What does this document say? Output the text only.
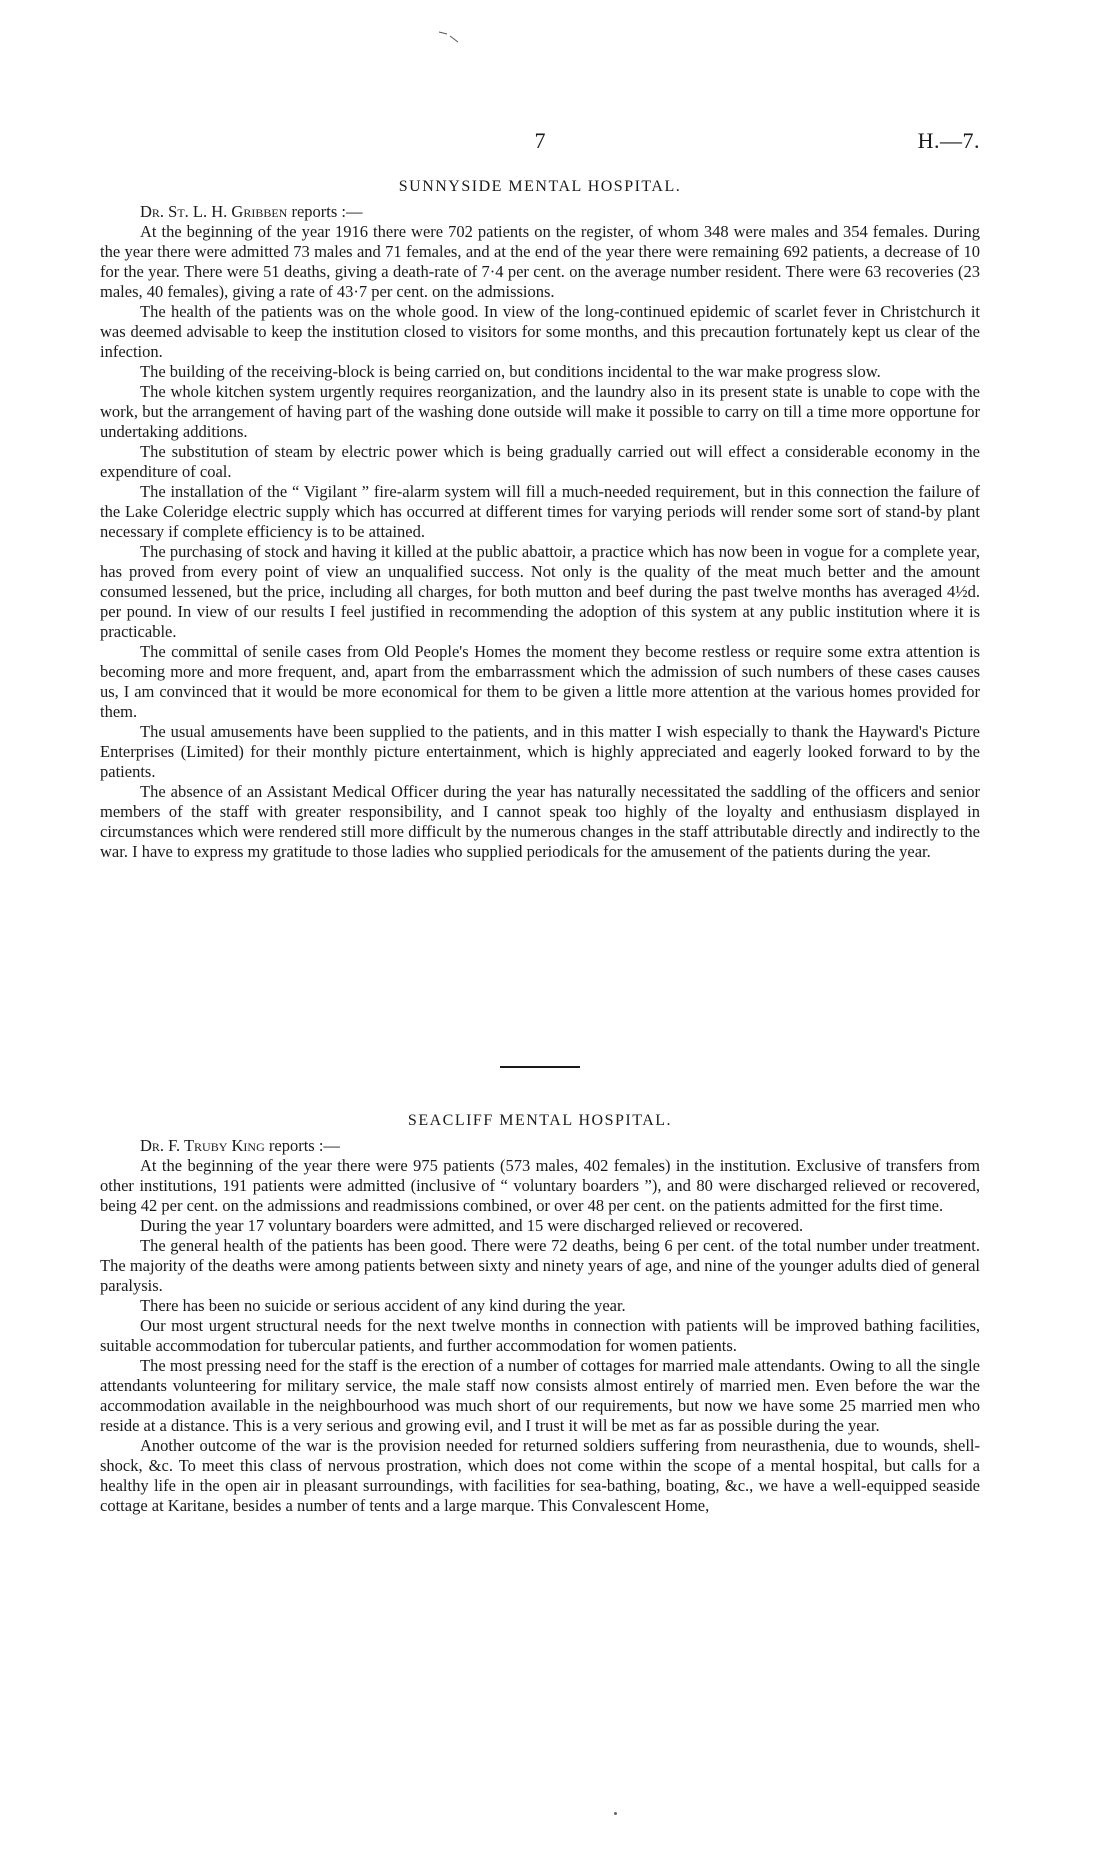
7	H.—7.
SUNNYSIDE MENTAL HOSPITAL.

Dr. St. L. H. Gribben reports :—

At the beginning of the year 1916 there were 702 patients on the register, of whom 348 were males and 354 females. During the year there were admitted 73 males and 71 females, and at the end of the year there were remaining 692 patients, a decrease of 10 for the year. There were 51 deaths, giving a death-rate of 7·4 per cent. on the average number resident. There were 63 recoveries (23 males, 40 females), giving a rate of 43·7 per cent. on the admissions.

The health of the patients was on the whole good. In view of the long-continued epidemic of scarlet fever in Christchurch it was deemed advisable to keep the institution closed to visitors for some months, and this precaution fortunately kept us clear of the infection.

The building of the receiving-block is being carried on, but conditions incidental to the war make progress slow.

The whole kitchen system urgently requires reorganization, and the laundry also in its present state is unable to cope with the work, but the arrangement of having part of the washing done outside will make it possible to carry on till a time more opportune for undertaking additions.

The substitution of steam by electric power which is being gradually carried out will effect a considerable economy in the expenditure of coal.

The installation of the “ Vigilant ” fire-alarm system will fill a much-needed requirement, but in this connection the failure of the Lake Coleridge electric supply which has occurred at different times for varying periods will render some sort of stand-by plant necessary if complete efficiency is to be attained.

The purchasing of stock and having it killed at the public abattoir, a practice which has now been in vogue for a complete year, has proved from every point of view an unqualified success. Not only is the quality of the meat much better and the amount consumed lessened, but the price, including all charges, for both mutton and beef during the past twelve months has averaged 4½d. per pound. In view of our results I feel justified in recommending the adoption of this system at any public institution where it is practicable.

The committal of senile cases from Old People's Homes the moment they become restless or require some extra attention is becoming more and more frequent, and, apart from the embarrassment which the admission of such numbers of these cases causes us, I am convinced that it would be more economical for them to be given a little more attention at the various homes provided for them.

The usual amusements have been supplied to the patients, and in this matter I wish especially to thank the Hayward's Picture Enterprises (Limited) for their monthly picture entertainment, which is highly appreciated and eagerly looked forward to by the patients.

The absence of an Assistant Medical Officer during the year has naturally necessitated the saddling of the officers and senior members of the staff with greater responsibility, and I cannot speak too highly of the loyalty and enthusiasm displayed in circumstances which were rendered still more difficult by the numerous changes in the staff attributable directly and indirectly to the war. I have to express my gratitude to those ladies who supplied periodicals for the amusement of the patients during the year.

SEACLIFF MENTAL HOSPITAL.

Dr. F. Truby King reports :—

At the beginning of the year there were 975 patients (573 males, 402 females) in the institution. Exclusive of transfers from other institutions, 191 patients were admitted (inclusive of “ voluntary boarders ”), and 80 were discharged relieved or recovered, being 42 per cent. on the admissions and readmissions combined, or over 48 per cent. on the patients admitted for the first time.

During the year 17 voluntary boarders were admitted, and 15 were discharged relieved or recovered.

The general health of the patients has been good. There were 72 deaths, being 6 per cent. of the total number under treatment. The majority of the deaths were among patients between sixty and ninety years of age, and nine of the younger adults died of general paralysis.

There has been no suicide or serious accident of any kind during the year.

Our most urgent structural needs for the next twelve months in connection with patients will be improved bathing facilities, suitable accommodation for tubercular patients, and further accommodation for women patients.

The most pressing need for the staff is the erection of a number of cottages for married male attendants. Owing to all the single attendants volunteering for military service, the male staff now consists almost entirely of married men. Even before the war the accommodation available in the neighbourhood was much short of our requirements, but now we have some 25 married men who reside at a distance. This is a very serious and growing evil, and I trust it will be met as far as possible during the year.

Another outcome of the war is the provision needed for returned soldiers suffering from neurasthenia, due to wounds, shell-shock, &c. To meet this class of nervous prostration, which does not come within the scope of a mental hospital, but calls for a healthy life in the open air in pleasant surroundings, with facilities for sea-bathing, boating, &c., we have a well-equipped seaside cottage at Karitane, besides a number of tents and a large marque. This Convalescent Home,
